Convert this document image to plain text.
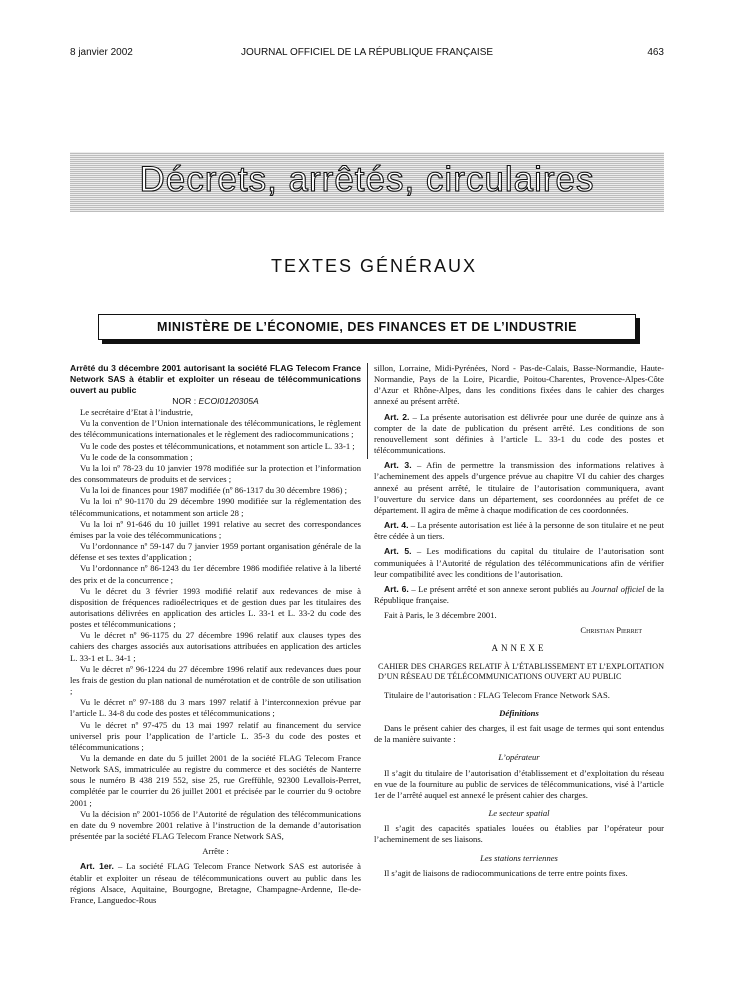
8 janvier 2002	JOURNAL OFFICIEL DE LA RÉPUBLIQUE FRANÇAISE	463
Décrets, arrêtés, circulaires
TEXTES GÉNÉRAUX
MINISTÈRE DE L’ÉCONOMIE, DES FINANCES ET DE L’INDUSTRIE

Arrêté du 3 décembre 2001 autorisant la société FLAG Telecom France Network SAS à établir et exploiter un réseau de télécommunications ouvert au public

NOR : ECOI0120305A

Le secrétaire d’Etat à l’industrie,

Vu la convention de l’Union internationale des télécommunications, le règlement des télécommunications internationales et le règlement des radiocommunications ;

Vu le code des postes et télécommunications, et notamment son article L. 33-1 ;

Vu le code de la consommation ;

Vu la loi nº 78-23 du 10 janvier 1978 modifiée sur la protection et l’information des consommateurs de produits et de services ;

Vu la loi de finances pour 1987 modifiée (nº 86-1317 du 30 décembre 1986) ;

Vu la loi nº 90-1170 du 29 décembre 1990 modifiée sur la réglementation des télécommunications, et notamment son article 28 ;

Vu la loi nº 91-646 du 10 juillet 1991 relative au secret des correspondances émises par la voie des télécommunications ;

Vu l’ordonnance nº 59-147 du 7 janvier 1959 portant organisation générale de la défense et ses textes d’application ;

Vu l’ordonnance nº 86-1243 du 1er décembre 1986 modifiée relative à la liberté des prix et de la concurrence ;

Vu le décret du 3 février 1993 modifié relatif aux redevances de mise à disposition de fréquences radioélectriques et de gestion dues par les titulaires des autorisations délivrées en application des articles L. 33-1 et L. 33-2 du code des postes et télécommunications ;

Vu le décret nº 96-1175 du 27 décembre 1996 relatif aux clauses types des cahiers des charges associés aux autorisations attribuées en application des articles L. 33-1 et L. 34-1 ;

Vu le décret nº 96-1224 du 27 décembre 1996 relatif aux redevances dues pour les frais de gestion du plan national de numérotation et de contrôle de son utilisation ;

Vu le décret nº 97-188 du 3 mars 1997 relatif à l’interconnexion prévue par l’article L. 34-8 du code des postes et télécommunications ;

Vu le décret nº 97-475 du 13 mai 1997 relatif au financement du service universel pris pour l’application de l’article L. 35-3 du code des postes et télécommunications ;

Vu la demande en date du 5 juillet 2001 de la société FLAG Telecom France Network SAS, immatriculée au registre du commerce et des sociétés de Nanterre sous le numéro B 438 219 552, sise 25, rue Greffühle, 92300 Levallois-Perret, complétée par le courrier du 26 juillet 2001 et précisée par le courrier du 9 octobre 2001 ;

Vu la décision nº 2001-1056 de l’Autorité de régulation des télécommunications en date du 9 novembre 2001 relative à l’instruction de la demande d’autorisation présentée par la société FLAG Telecom France Network SAS,

Arrête :

Art. 1er. – La société FLAG Telecom France Network SAS est autorisée à établir et exploiter un réseau de télécommunications ouvert au public dans les régions Alsace, Aquitaine, Bourgogne, Bretagne, Champagne-Ardenne, Ile-de-France, Languedoc-Rous

sillon, Lorraine, Midi-Pyrénées, Nord - Pas-de-Calais, Basse-Normandie, Haute-Normandie, Pays de la Loire, Picardie, Poitou-Charentes, Provence-Alpes-Côte d’Azur et Rhône-Alpes, dans les conditions fixées dans le cahier des charges annexé au présent arrêté.

Art. 2. – La présente autorisation est délivrée pour une durée de quinze ans à compter de la date de publication du présent arrêté. Les conditions de son renouvellement sont définies à l’article L. 33-1 du code des postes et télécommunications.

Art. 3. – Afin de permettre la transmission des informations relatives à l’acheminement des appels d’urgence prévue au chapitre VI du cahier des charges annexé au présent arrêté, le titulaire de l’autorisation communiquera, avant l’ouverture du service dans un département, ses coordonnées au préfet de ce département. Il agira de même à chaque modification de ces coordonnées.

Art. 4. – La présente autorisation est liée à la personne de son titulaire et ne peut être cédée à un tiers.

Art. 5. – Les modifications du capital du titulaire de l’autorisation sont communiquées à l’Autorité de régulation des télécommunications afin de vérifier leur compatibilité avec les conditions de l’autorisation.

Art. 6. – Le présent arrêté et son annexe seront publiés au Journal officiel de la République française.

Fait à Paris, le 3 décembre 2001.

Christian Pierret

ANNEXE

CAHIER DES CHARGES RELATIF À L’ÉTABLISSEMENT ET L’EXPLOITATION D’UN RÉSEAU DE TÉLÉCOMMUNICATIONS OUVERT AU PUBLIC

Titulaire de l’autorisation : FLAG Telecom France Network SAS.

Définitions

Dans le présent cahier des charges, il est fait usage de termes qui sont entendus de la manière suivante :

L’opérateur

Il s’agit du titulaire de l’autorisation d’établissement et d’exploitation du réseau en vue de la fourniture au public de services de télécommunications, visé à l’article 1er de l’arrêté auquel est annexé le présent cahier des charges.

Le secteur spatial

Il s’agit des capacités spatiales louées ou établies par l’opérateur pour l’acheminement de ses liaisons.

Les stations terriennes

Il s’agit de liaisons de radiocommunications de terre entre points fixes.
